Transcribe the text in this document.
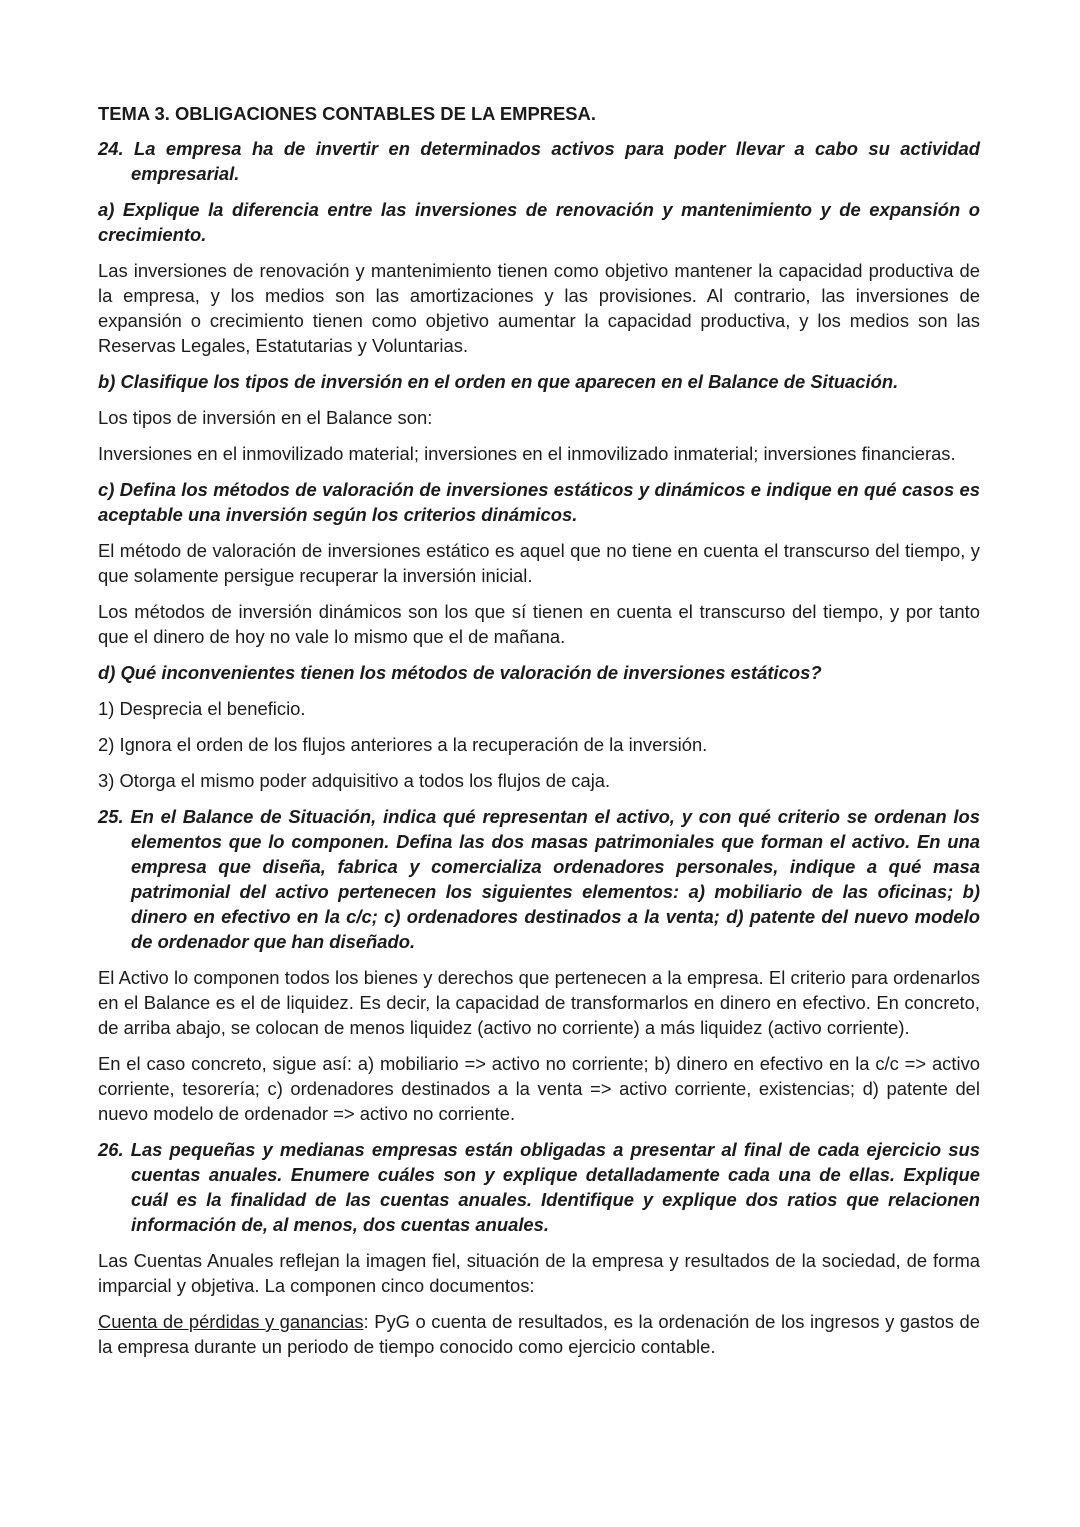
TEMA 3. OBLIGACIONES CONTABLES DE LA EMPRESA.
24. La empresa ha de invertir en determinados activos para poder llevar a cabo su actividad empresarial.
a) Explique la diferencia entre las inversiones de renovación y mantenimiento y de expansión o crecimiento.
Las inversiones de renovación y mantenimiento tienen como objetivo mantener la capacidad productiva de la empresa, y los medios son las amortizaciones y las provisiones. Al contrario, las inversiones de expansión o crecimiento tienen como objetivo aumentar la capacidad productiva, y los medios son las Reservas Legales, Estatutarias y Voluntarias.
b) Clasifique los tipos de inversión en el orden en que aparecen en el Balance de Situación.
Los tipos de inversión en el Balance son:
Inversiones en el inmovilizado material; inversiones en el inmovilizado inmaterial; inversiones financieras.
c) Defina los métodos de valoración de inversiones estáticos y dinámicos e indique en qué casos es aceptable una inversión según los criterios dinámicos.
El método de valoración de inversiones estático es aquel que no tiene en cuenta el transcurso del tiempo, y que solamente persigue recuperar la inversión inicial.
Los métodos de inversión dinámicos son los que sí tienen en cuenta el transcurso del tiempo, y por tanto que el dinero de hoy no vale lo mismo que el de mañana.
d) Qué inconvenientes tienen los métodos de valoración de inversiones estáticos?
1) Desprecia el beneficio.
2) Ignora el orden de los flujos anteriores a la recuperación de la inversión.
3) Otorga el mismo poder adquisitivo a todos los flujos de caja.
25. En el Balance de Situación, indica qué representan el activo, y con qué criterio se ordenan los elementos que lo componen. Defina las dos masas patrimoniales que forman el activo. En una empresa que diseña, fabrica y comercializa ordenadores personales, indique a qué masa patrimonial del activo pertenecen los siguientes elementos: a) mobiliario de las oficinas; b) dinero en efectivo en la c/c; c) ordenadores destinados a la venta; d) patente del nuevo modelo de ordenador que han diseñado.
El Activo lo componen todos los bienes y derechos que pertenecen a la empresa. El criterio para ordenarlos en el Balance es el de liquidez. Es decir, la capacidad de transformarlos en dinero en efectivo. En concreto, de arriba abajo, se colocan de menos liquidez (activo no corriente) a más liquidez (activo corriente).
En el caso concreto, sigue así: a) mobiliario => activo no corriente; b) dinero en efectivo en la c/c => activo corriente, tesorería; c) ordenadores destinados a la venta => activo corriente, existencias; d) patente del nuevo modelo de ordenador => activo no corriente.
26. Las pequeñas y medianas empresas están obligadas a presentar al final de cada ejercicio sus cuentas anuales. Enumere cuáles son y explique detalladamente cada una de ellas. Explique cuál es la finalidad de las cuentas anuales. Identifique y explique dos ratios que relacionen información de, al menos, dos cuentas anuales.
Las Cuentas Anuales reflejan la imagen fiel, situación de la empresa y resultados de la sociedad, de forma imparcial y objetiva. La componen cinco documentos:
Cuenta de pérdidas y ganancias: PyG o cuenta de resultados, es la ordenación de los ingresos y gastos de la empresa durante un periodo de tiempo conocido como ejercicio contable.
